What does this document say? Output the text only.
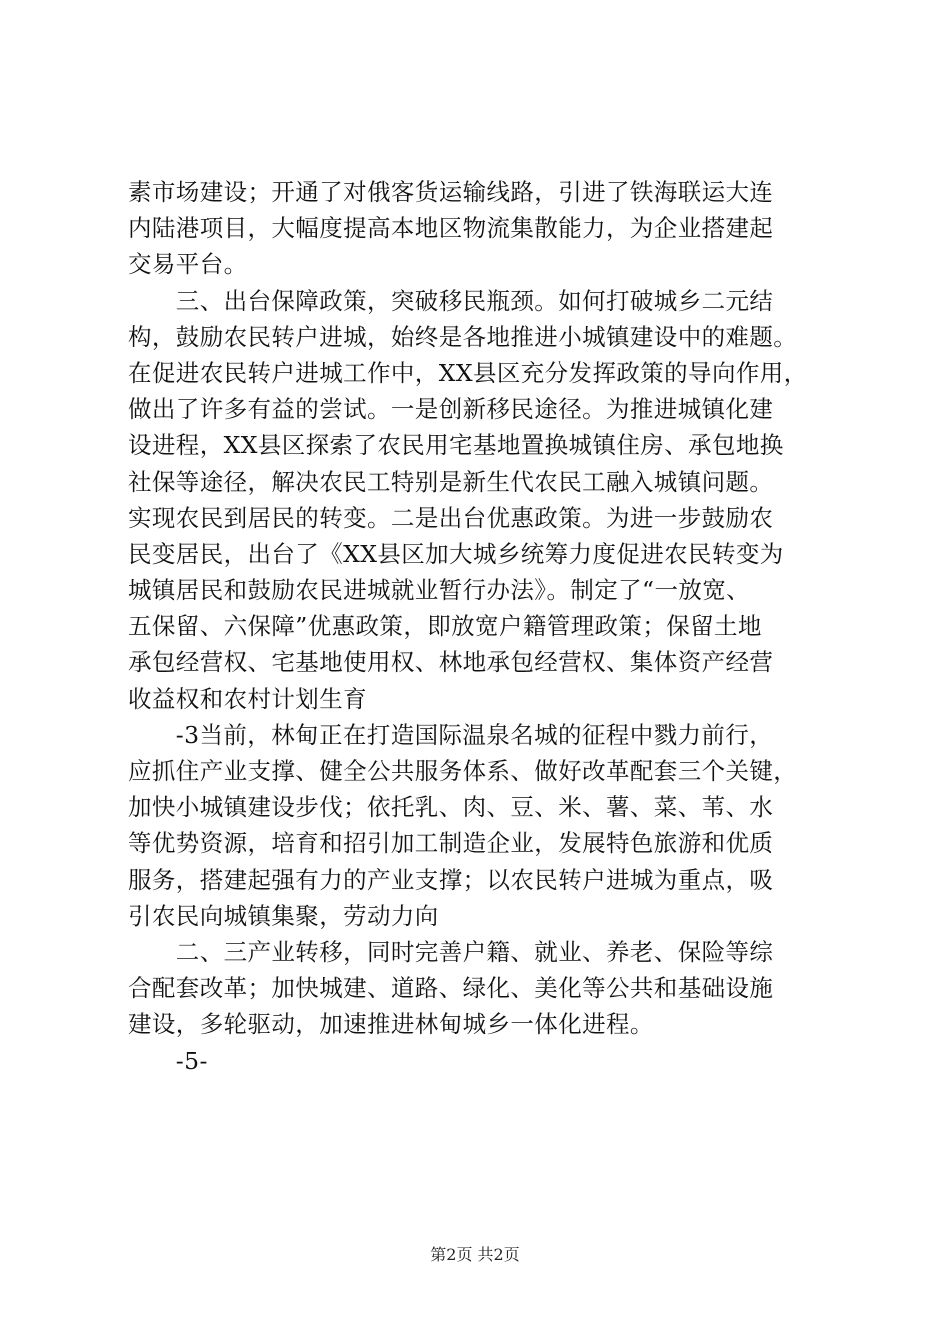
素市场建设；开通了对俄客货运输线路，引进了铁海联运大连
内陆港项目，大幅度提高本地区物流集散能力，为企业搭建起
交易平台。
　　三、出台保障政策，突破移民瓶颈。如何打破城乡二元结
构，鼓励农民转户进城，始终是各地推进小城镇建设中的难题。
在促进农民转户进城工作中，XX县区充分发挥政策的导向作用，
做出了许多有益的尝试。一是创新移民途径。为推进城镇化建
设进程，XX县区探索了农民用宅基地置换城镇住房、承包地换
社保等途径，解决农民工特别是新生代农民工融入城镇问题。
实现农民到居民的转变。二是出台优惠政策。为进一步鼓励农
民变居民，出台了《XX县区加大城乡统筹力度促进农民转变为
城镇居民和鼓励农民进城就业暂行办法》。制定了“一放宽、
五保留、六保障”优惠政策，即放宽户籍管理政策；保留土地
承包经营权、宅基地使用权、林地承包经营权、集体资产经营
收益权和农村计划生育
　　-3当前，林甸正在打造国际温泉名城的征程中戮力前行，
应抓住产业支撑、健全公共服务体系、做好改革配套三个关键，
加快小城镇建设步伐；依托乳、肉、豆、米、薯、菜、苇、水
等优势资源，培育和招引加工制造企业，发展特色旅游和优质
服务，搭建起强有力的产业支撑；以农民转户进城为重点，吸
引农民向城镇集聚，劳动力向
　　二、三产业转移，同时完善户籍、就业、养老、保险等综
合配套改革；加快城建、道路、绿化、美化等公共和基础设施
建设，多轮驱动，加速推进林甸城乡一体化进程。
　　-5-
第2页 共2页
